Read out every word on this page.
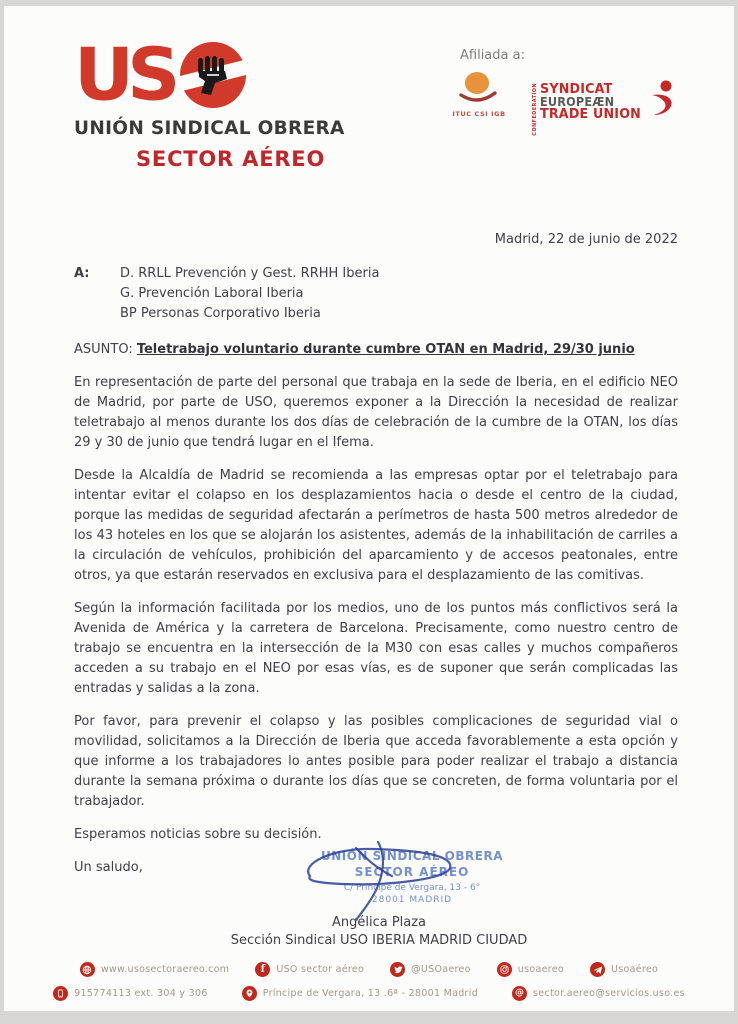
US
UNIÓN SINDICAL OBRERA
SECTOR AÉREO
Afiliada a:
ITUC CSI IGB	CONFEDERATION SYNDICAT
EUROPEÆN
TRADE UNION
Madrid, 22 de junio de 2022
A:	D. RRLL Prevención y Gest. RRHH Iberia
G. Prevención Laboral Iberia
BP Personas Corporativo Iberia
ASUNTO: Teletrabajo voluntario durante cumbre OTAN en Madrid, 29/30 junio

En representación de parte del personal que trabaja en la sede de Iberia, en el edificio NEO de Madrid, por parte de USO, queremos exponer a la Dirección la necesidad de realizar teletrabajo al menos durante los dos días de celebración de la cumbre de la OTAN, los días 29 y 30 de junio que tendrá lugar en el Ifema.

Desde la Alcaldía de Madrid se recomienda a las empresas optar por el teletrabajo para intentar evitar el colapso en los desplazamientos hacia o desde el centro de la ciudad, porque las medidas de seguridad afectarán a perímetros de hasta 500 metros alrededor de los 43 hoteles en los que se alojarán los asistentes, además de la inhabilitación de carriles a la circulación de vehículos, prohibición del aparcamiento y de accesos peatonales, entre otros, ya que estarán reservados en exclusiva para el desplazamiento de las comitivas.

Según la información facilitada por los medios, uno de los puntos más conflictivos será la Avenida de América y la carretera de Barcelona. Precisamente, como nuestro centro de trabajo se encuentra en la intersección de la M30 con esas calles y muchos compañeros acceden a su trabajo en el NEO por esas vías, es de suponer que serán complicadas las entradas y salidas a la zona.

Por favor, para prevenir el colapso y las posibles complicaciones de seguridad vial o movilidad, solicitamos a la Dirección de Iberia que acceda favorablemente a esta opción y que informe a los trabajadores lo antes posible para poder realizar el trabajo a distancia durante la semana próxima o durante los días que se concreten, de forma voluntaria por el trabajador.

Esperamos noticias sobre su decisión.

Un saludo,

UNIÓN SINDICAL OBRERA
SECTOR AÉREO
C/ Príncipe de Vergara, 13 - 6°
28001 MADRID
Angélica Plaza
Sección Sindical USO IBERIA MADRID CIUDAD
www.usosectoraereo.com	f USO sector aéreo	@USOaereo	usoaereo	Usoaéreo
915774113 ext. 304 y 306	Príncipe de Vergara, 13 .6ª - 28001 Madrid	@ sector.aereo@servicios.uso.es
